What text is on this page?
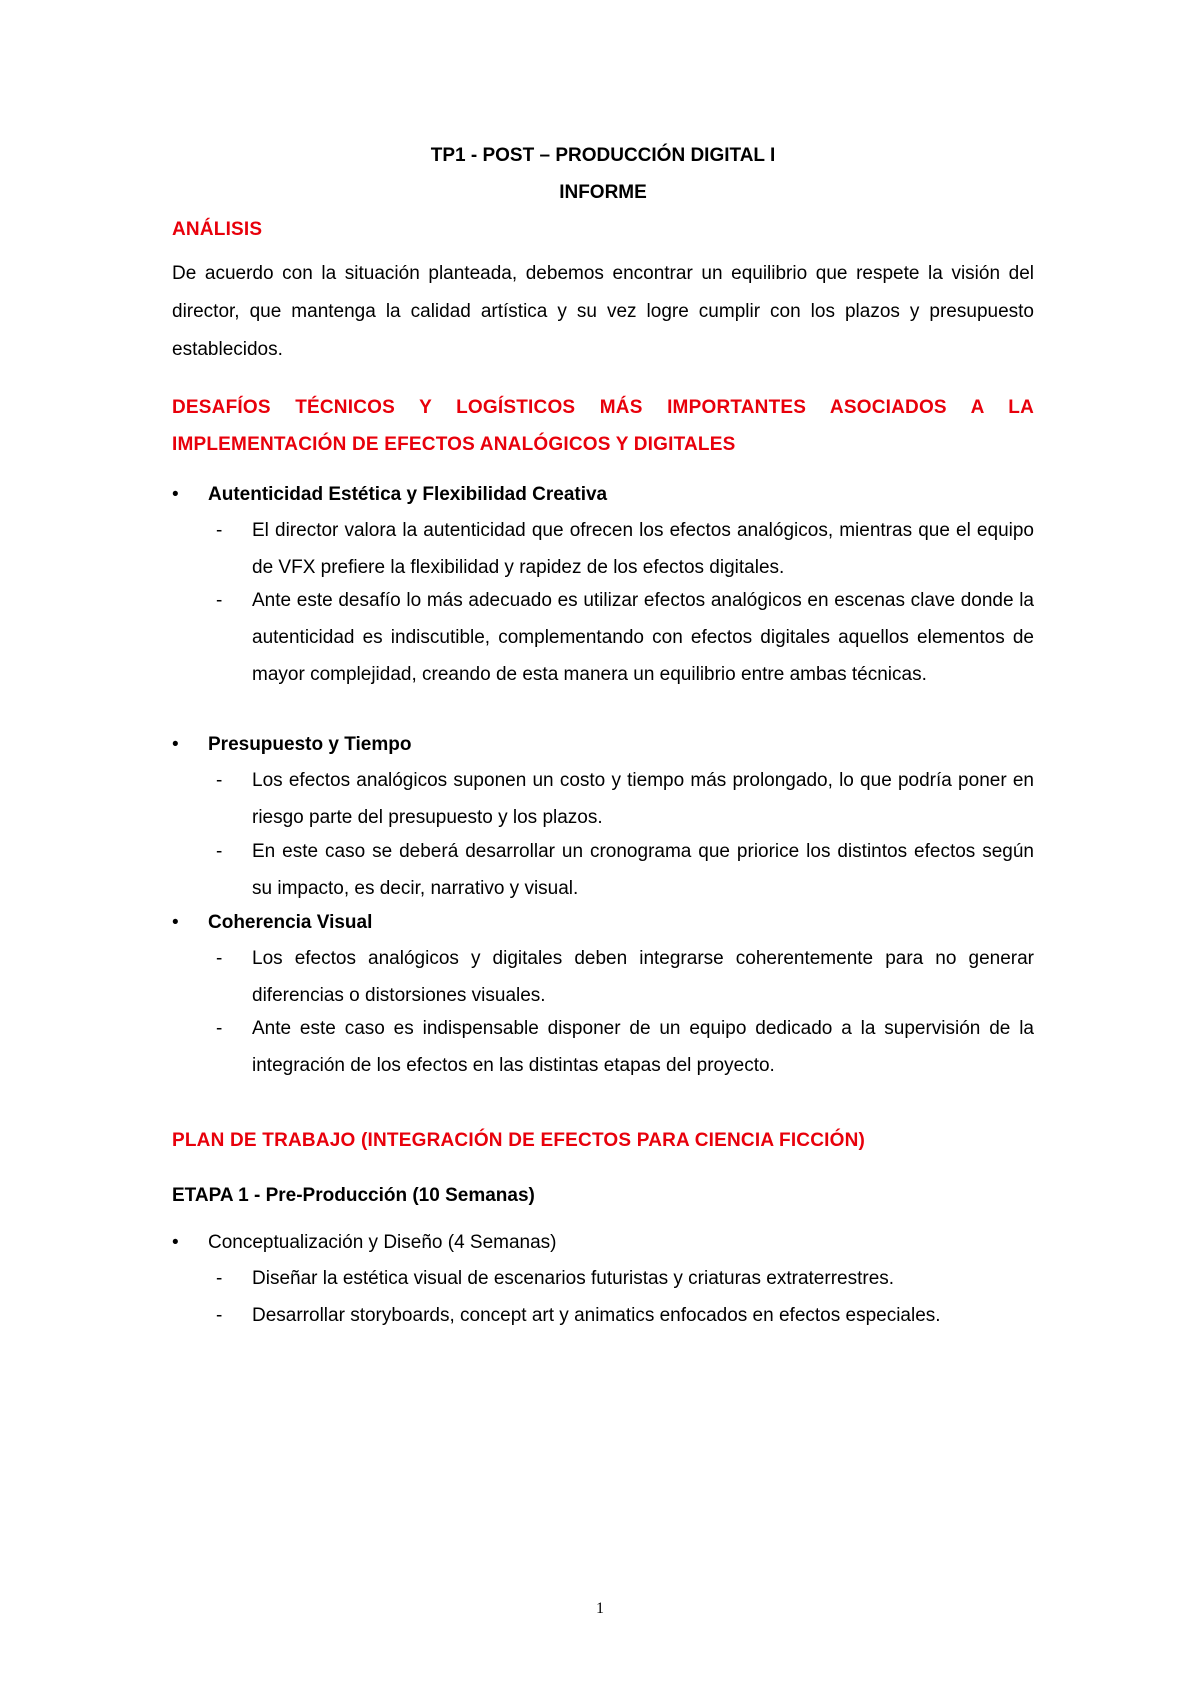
TP1 - POST – PRODUCCIÓN DIGITAL I
INFORME
ANÁLISIS
De acuerdo con la situación planteada, debemos encontrar un equilibrio que respete la visión del director, que mantenga la calidad artística y su vez logre cumplir con los plazos y presupuesto establecidos.
DESAFÍOS TÉCNICOS Y LOGÍSTICOS MÁS IMPORTANTES ASOCIADOS A LA
IMPLEMENTACIÓN DE EFECTOS ANALÓGICOS Y DIGITALES
• Autenticidad Estética y Flexibilidad Creativa
- El director valora la autenticidad que ofrecen los efectos analógicos, mientras que el equipo de VFX prefiere la flexibilidad y rapidez de los efectos digitales.
- Ante este desafío lo más adecuado es utilizar efectos analógicos en escenas clave donde la autenticidad es indiscutible, complementando con efectos digitales aquellos elementos de mayor complejidad, creando de esta manera un equilibrio entre ambas técnicas.
• Presupuesto y Tiempo
- Los efectos analógicos suponen un costo y tiempo más prolongado, lo que podría poner en riesgo parte del presupuesto y los plazos.
- En este caso se deberá desarrollar un cronograma que priorice los distintos efectos según su impacto, es decir, narrativo y visual.
• Coherencia Visual
- Los efectos analógicos y digitales deben integrarse coherentemente para no generar diferencias o distorsiones visuales.
- Ante este caso es indispensable disponer de un equipo dedicado a la supervisión de la integración de los efectos en las distintas etapas del proyecto.
PLAN DE TRABAJO (INTEGRACIÓN DE EFECTOS PARA CIENCIA FICCIÓN)
ETAPA 1 - Pre-Producción (10 Semanas)
• Conceptualización y Diseño (4 Semanas)
- Diseñar la estética visual de escenarios futuristas y criaturas extraterrestres.
- Desarrollar storyboards, concept art y animatics enfocados en efectos especiales.
1
